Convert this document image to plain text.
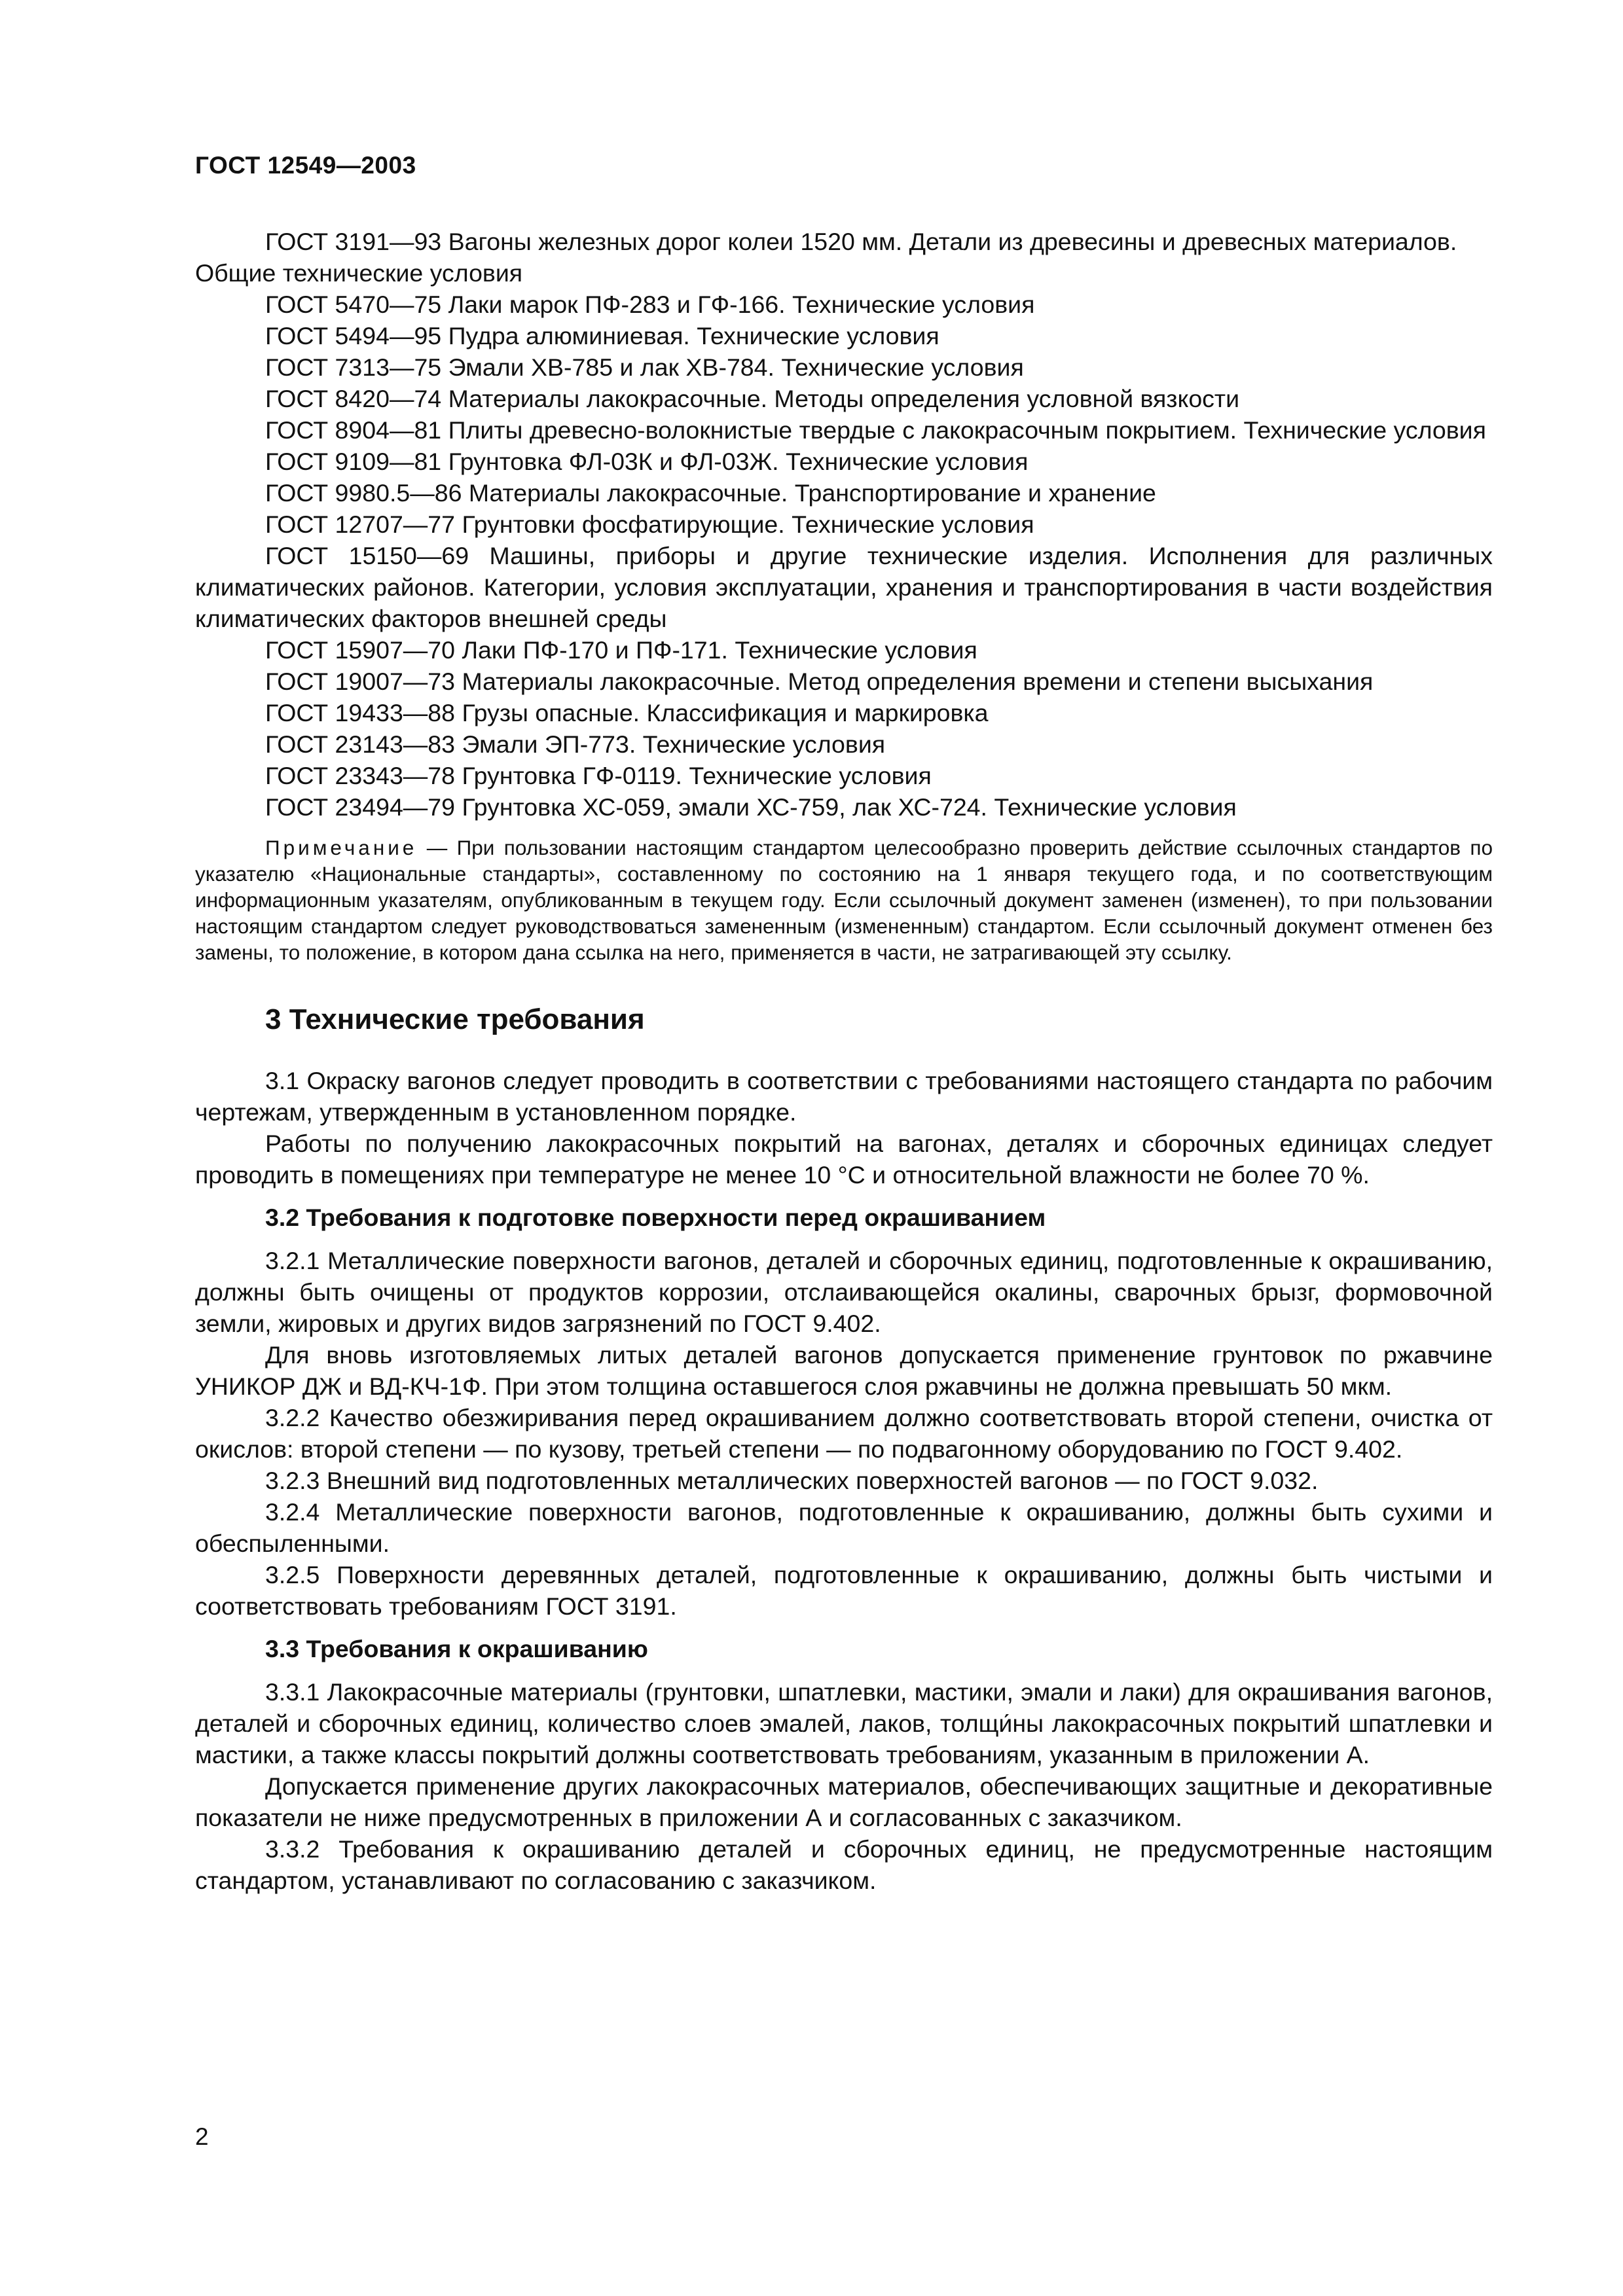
ГОСТ 12549—2003

ГОСТ 3191—93 Вагоны железных дорог колеи 1520 мм. Детали из древесины и древесных материалов. Общие технические условия

ГОСТ 5470—75 Лаки марок ПФ-283 и ГФ-166. Технические условия

ГОСТ 5494—95 Пудра алюминиевая. Технические условия

ГОСТ 7313—75 Эмали ХВ-785 и лак ХВ-784. Технические условия

ГОСТ 8420—74 Материалы лакокрасочные. Методы определения условной вязкости

ГОСТ 8904—81 Плиты древесно-волокнистые твердые с лакокрасочным покрытием. Технические условия

ГОСТ 9109—81 Грунтовка ФЛ-03К и ФЛ-03Ж. Технические условия

ГОСТ 9980.5—86 Материалы лакокрасочные. Транспортирование и хранение

ГОСТ 12707—77 Грунтовки фосфатирующие. Технические условия

ГОСТ 15150—69 Машины, приборы и другие технические изделия. Исполнения для различных климатических районов. Категории, условия эксплуатации, хранения и транспортирования в части воздействия климатических факторов внешней среды

ГОСТ 15907—70 Лаки ПФ-170 и ПФ-171. Технические условия

ГОСТ 19007—73 Материалы лакокрасочные. Метод определения времени и степени высыхания

ГОСТ 19433—88 Грузы опасные. Классификация и маркировка

ГОСТ 23143—83 Эмали ЭП-773. Технические условия

ГОСТ 23343—78 Грунтовка ГФ-0119. Технические условия

ГОСТ 23494—79 Грунтовка ХС-059, эмали ХС-759, лак ХС-724. Технические условия

Примечание — При пользовании настоящим стандартом целесообразно проверить действие ссылочных стандартов по указателю «Национальные стандарты», составленному по состоянию на 1 января текущего года, и по соответствующим информационным указателям, опубликованным в текущем году. Если ссылочный документ заменен (изменен), то при пользовании настоящим стандартом следует руководствоваться замененным (измененным) стандартом. Если ссылочный документ отменен без замены, то положение, в котором дана ссылка на него, применяется в части, не затрагивающей эту ссылку.

3 Технические требования

3.1 Окраску вагонов следует проводить в соответствии с требованиями настоящего стандарта по рабочим чертежам, утвержденным в установленном порядке.

Работы по получению лакокрасочных покрытий на вагонах, деталях и сборочных единицах следует проводить в помещениях при температуре не менее 10 °С и относительной влажности не более 70 %.

3.2 Требования к подготовке поверхности перед окрашиванием

3.2.1 Металлические поверхности вагонов, деталей и сборочных единиц, подготовленные к окрашиванию, должны быть очищены от продуктов коррозии, отслаивающейся окалины, сварочных брызг, формовочной земли, жировых и других видов загрязнений по ГОСТ 9.402.

Для вновь изготовляемых литых деталей вагонов допускается применение грунтовок по ржавчине УНИКОР ДЖ и ВД-КЧ-1Ф. При этом толщина оставшегося слоя ржавчины не должна превышать 50 мкм.

3.2.2 Качество обезжиривания перед окрашиванием должно соответствовать второй степени, очистка от окислов: второй степени — по кузову, третьей степени — по подвагонному оборудованию по ГОСТ 9.402.

3.2.3 Внешний вид подготовленных металлических поверхностей вагонов — по ГОСТ 9.032.

3.2.4 Металлические поверхности вагонов, подготовленные к окрашиванию, должны быть сухими и обеспыленными.

3.2.5 Поверхности деревянных деталей, подготовленные к окрашиванию, должны быть чистыми и соответствовать требованиям ГОСТ 3191.

3.3 Требования к окрашиванию

3.3.1 Лакокрасочные материалы (грунтовки, шпатлевки, мастики, эмали и лаки) для окрашивания вагонов, деталей и сборочных единиц, количество слоев эмалей, лаков, толщи́ны лакокрасочных покрытий шпатлевки и мастики, а также классы покрытий должны соответствовать требованиям, указанным в приложении А.

Допускается применение других лакокрасочных материалов, обеспечивающих защитные и декоративные показатели не ниже предусмотренных в приложении А и согласованных с заказчиком.

3.3.2 Требования к окрашиванию деталей и сборочных единиц, не предусмотренные настоящим стандартом, устанавливают по согласованию с заказчиком.

2
